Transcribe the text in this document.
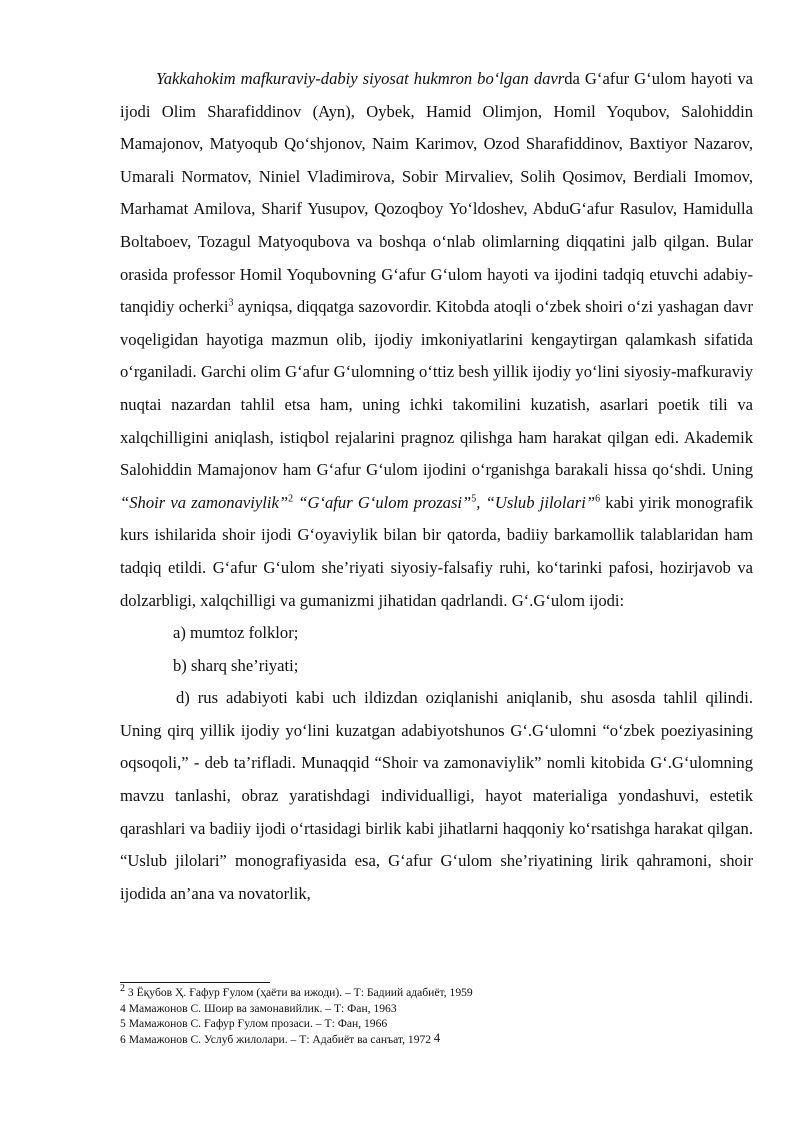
Yakkahokim mafkuraviy-dabiy siyosat hukmron bo‘lgan davrda G‘afur G‘ulom hayoti va ijodi Olim Sharafiddinov (Ayn), Oybek, Hamid Olimjon, Homil Yoqubov, Salohiddin Mamajonov, Matyoqub Qo‘shjonov, Naim Karimov, Ozod Sharafiddinov, Baxtiyor Nazarov, Umarali Normatov, Niniel Vladimirova, Sobir Mirvaliev, Solih Qosimov, Berdiali Imomov, Marhamat Amilova, Sharif Yusupov, Qozoqboy Yo‘ldoshev, AbduG‘afur Rasulov, Hamidulla Boltaboev, Tozagul Matyoqubova va boshqa o‘nlab olimlarning diqqatini jalb qilgan. Bular orasida professor Homil Yoqubovning G‘afur G‘ulom hayoti va ijodini tadqiq etuvchi adabiy-tanqidiy ocherki$^3$ ayniqsa, diqqatga sazovordir. Kitobda atoqli o‘zbek shoiri o‘zi yashagan davr voqeligidan hayotiga mazmun olib, ijodiy imkoniyatlarini kengaytirgan qalamkash sifatida o‘rganiladi. Garchi olim G‘afur G‘ulomning o‘ttiz besh yillik ijodiy yo‘lini siyosiy-mafkuraviy nuqtai nazardan tahlil etsa ham, uning ichki takomilini kuzatish, asarlari poetik tili va xalqchilligini aniqlash, istiqbol rejalarini pragnoz qilishga ham harakat qilgan edi. Akademik Salohiddin Mamajonov ham G‘afur G‘ulom ijodini o‘rganishga barakali hissa qo‘shdi. Uning “Shoir va zamonaviylik”$^2$ “G‘afur G‘ulom prozasi”$^5$, “Uslub jilolari”$^6$ kabi yirik monografik kurs ishilarida shoir ijodi G‘oyaviylik bilan bir qatorda, badiiy barkamollik talablaridan ham tadqiq etildi. G‘afur G‘ulom she’riyati siyosiy-falsafiy ruhi, ko‘tarinki pafosi, hozirjavob va dolzarbligi, xalqchilligi va gumanizmi jihatidan qadrlandi. G‘.G‘ulom ijodi:

a) mumtoz folklor;

b) sharq she’riyati;

d) rus adabiyoti kabi uch ildizdan oziqlanishi aniqlanib, shu asosda tahlil qilindi. Uning qirq yillik ijodiy yo‘lini kuzatgan adabiyotshunos G‘.G‘ulomni “o‘zbek poeziyasining oqsoqoli,” - deb ta’rifladi. Munaqqid “Shoir va zamonaviylik” nomli kitobida G‘.G‘ulomning mavzu tanlashi, obraz yaratishdagi individualligi, hayot materialiga yondashuvi, estetik qarashlari va badiiy ijodi o‘rtasidagi birlik kabi jihatlarni haqqoniy ko‘rsatishga harakat qilgan. “Uslub jilolari” monografiyasida esa, G‘afur G‘ulom she’riyatining lirik qahramoni, shoir ijodida an’ana va novatorlik,

$^2$ 3 Ёқубов Ҳ. Ғафур Ғулом (ҳаёти ва ижоди). – Т: Бадиий адабиёт, 1959
4 Мамажонов С. Шоир ва замонавийлик. – Т: Фан, 1963
5 Мамажонов С. Ғафур Ғулом прозаси. – Т: Фан, 1966
6 Мамажонов С. Услуб жилолари. – Т: Адабиёт ва санъат, 1972 4
